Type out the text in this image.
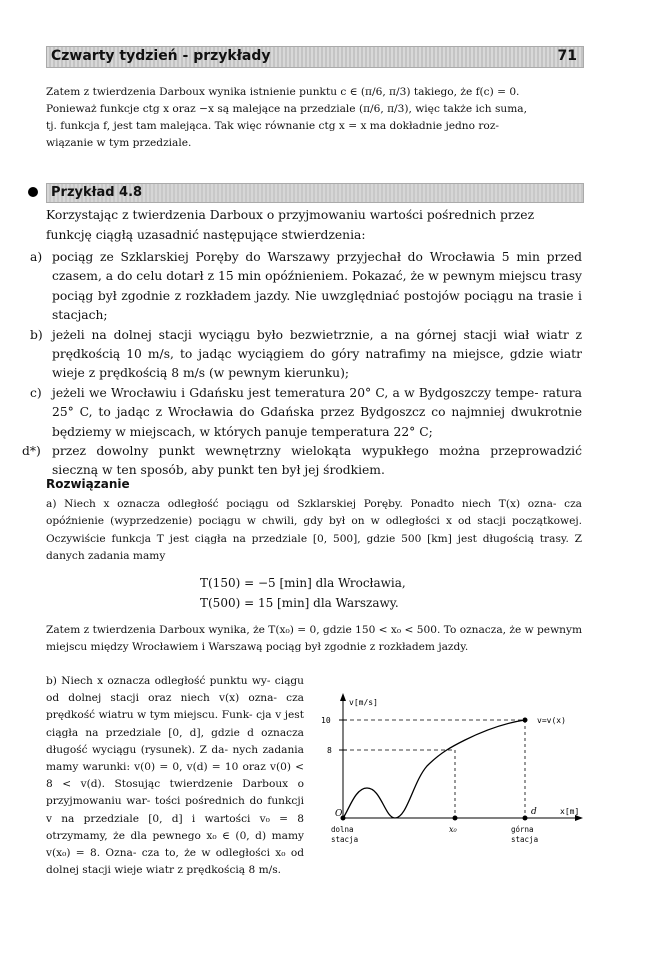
Czwarty tydzień - przykłady	71

Zatem z twierdzenia Darboux wynika istnienie punktu c ∈ (π/6, π/3) takiego, że f(c) = 0.

Ponieważ funkcje ctg x oraz −x są malejące na przedziale (π/6, π/3), więc także ich suma,

tj. funkcja f, jest tam malejąca. Tak więc równanie ctg x = x ma dokładnie jedno roz-

wiązanie w tym przedziale.

Przykład 4.8

Korzystając z twierdzenia Darboux o przyjmowaniu wartości pośrednich przez

funkcję ciągłą uzasadnić następujące stwierdzenia:

a) pociąg ze Szklarskiej Poręby do Warszawy przyjechał do Wrocławia 5 min przed czasem, a do celu dotarł z 15 min opóźnieniem. Pokazać, że w pewnym miejscu trasy pociąg był zgodnie z rozkładem jazdy. Nie uwzględniać postojów pociągu na trasie i stacjach;
b) jeżeli na dolnej stacji wyciągu było bezwietrznie, a na górnej stacji wiał wiatr z prędkością 10 m/s, to jadąc wyciągiem do góry natrafimy na miejsce, gdzie wiatr wieje z prędkością 8 m/s (w pewnym kierunku);
c) jeżeli we Wrocławiu i Gdańsku jest temeratura 20° C, a w Bydgoszczy tempe- ratura 25° C, to jadąc z Wrocławia do Gdańska przez Bydgoszcz co najmniej dwukrotnie będziemy w miejscach, w których panuje temperatura 22° C;
d*) przez dowolny punkt wewnętrzny wielokąta wypukłego można przeprowadzić sieczną w ten sposób, aby punkt ten był jej środkiem.
Rozwiązanie

a) Niech x oznacza odległość pociągu od Szklarskiej Poręby. Ponadto niech T(x) ozna- cza opóźnienie (wyprzedzenie) pociągu w chwili, gdy był on w odległości x od stacji początkowej. Oczywiście funkcja T jest ciągła na przedziale [0, 500], gdzie 500 [km] jest długością trasy. Z danych zadania mamy

T(150) = −5 [min] dla Wrocławia,
T(500) = 15 [min] dla Warszawy.

Zatem z twierdzenia Darboux wynika, że T(x₀) = 0, gdzie 150 < x₀ < 500. To oznacza, że w pewnym miejscu między Wrocławiem i Warszawą pociąg był zgodnie z rozkładem jazdy.

b) Niech x oznacza odległość punktu wy- ciągu od dolnej stacji oraz niech v(x) ozna- cza prędkość wiatru w tym miejscu. Funk- cja v jest ciągła na przedziale [0, d], gdzie d oznacza długość wyciągu (rysunek). Z da- nych zadania mamy warunki: v(0) = 0, v(d) = 10 oraz v(0) < 8 < v(d). Stosując twierdzenie Darboux o przyjmowaniu war- tości pośrednich do funkcji v na przedziale [0, d] i wartości v₀ = 8 otrzymamy, że dla pewnego x₀ ∈ (0, d) mamy v(x₀) = 8. Ozna- cza to, że w odległości x₀ od dolnej stacji wieje wiatr z prędkością 8 m/s.

v[m/s]
10
8
O
v=v(x)
x[m]
d
x₀
dolna
stacja
górna
stacja
